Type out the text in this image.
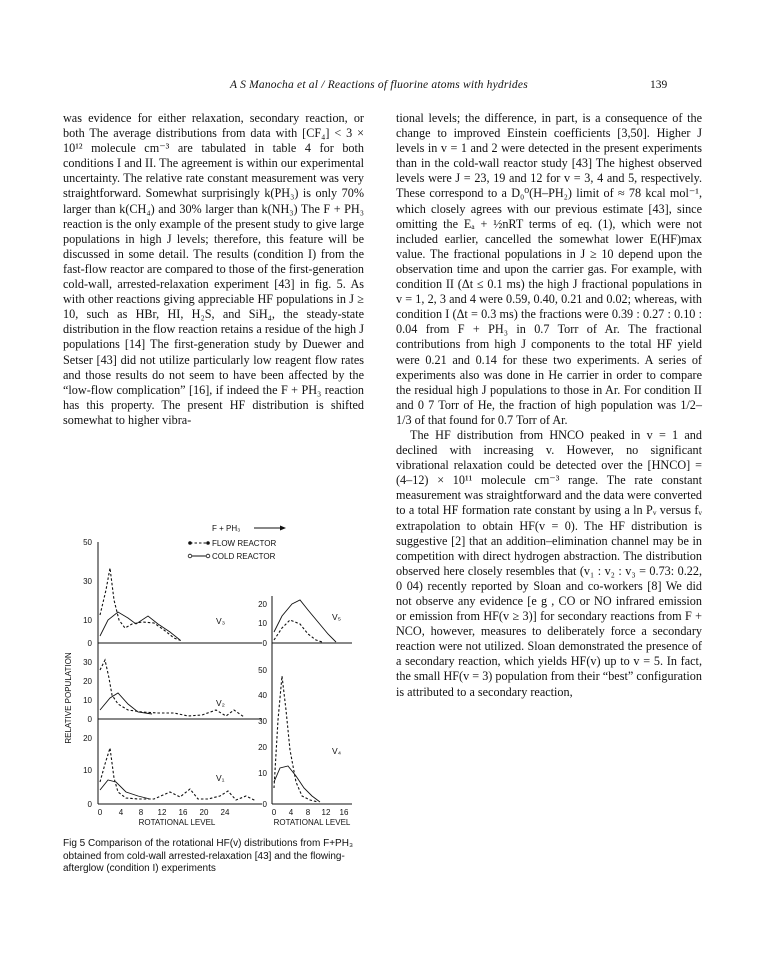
A S Manocha et al / Reactions of fluorine atoms with hydrides	139

was evidence for either relaxation, secondary reaction, or both The average distributions from data with [CF₄] < 3 × 10¹² molecule cm⁻³ are tabulated in table 4 for both conditions I and II. The agreement is within our experimental uncertainty. The relative rate constant measurement was very straightforward. Somewhat surprisingly k(PH₃) is only 70% larger than k(CH₄) and 30% larger than k(NH₃) The F + PH₃ reaction is the only example of the present study to give large populations in high J levels; therefore, this feature will be discussed in some detail. The results (condition I) from the fast-flow reactor are compared to those of the first-generation cold-wall, arrested-relaxation experiment [43] in fig. 5. As with other reactions giving appreciable HF populations in J ≥ 10, such as HBr, HI, H₂S, and SiH₄, the steady-state distribution in the flow reaction retains a residue of the high J populations [14] The first-generation study by Duewer and Setser [43] did not utilize particularly low reagent flow rates and those results do not seem to have been affected by the “low-flow complication” [16], if indeed the F + PH₃ reaction has this property. The present HF distribution is shifted somewhat to higher vibra-

F + PH₃
FLOW REACTOR
COLD REACTOR
RELATIVE POPULATION
50
30
10
0
30
20
10
0
20
10
0
0 4 8 12 16 20 24
ROTATIONAL LEVEL
V₃
V₂
V₁
20
10
0
50
40
30
20
10
0
0 4 8 12 16
ROTATIONAL LEVEL
V₅
V₄
Fig 5 Comparison of the rotational HF(v) distributions from F+PH₃ obtained from cold-wall arrested-relaxation [43] and the flowing-afterglow (condition I) experiments

tional levels; the difference, in part, is a consequence of the change to improved Einstein coefficients [3,50]. Higher J levels in v = 1 and 2 were detected in the present experiments than in the cold-wall reactor study [43] The highest observed levels were J = 23, 19 and 12 for v = 3, 4 and 5, respectively. These correspond to a D₀⁰(H–PH₂) limit of ≈ 78 kcal mol⁻¹, which closely agrees with our previous estimate [43], since omitting the Eₐ + ½nRT terms of eq. (1), which were not included earlier, cancelled the somewhat lower E(HF)max value. The fractional populations in J ≥ 10 depend upon the observation time and upon the carrier gas. For example, with condition II (Δt ≤ 0.1 ms) the high J fractional populations in v = 1, 2, 3 and 4 were 0.59, 0.40, 0.21 and 0.02; whereas, with condition I (Δt = 0.3 ms) the fractions were 0.39 : 0.27 : 0.10 : 0.04 from F + PH₃ in 0.7 Torr of Ar. The fractional contributions from high J components to the total HF yield were 0.21 and 0.14 for these two experiments. A series of experiments also was done in He carrier in order to compare the residual high J populations to those in Ar. For condition II and 0 7 Torr of He, the fraction of high population was 1/2–1/3 of that found for 0.7 Torr of Ar.

The HF distribution from HNCO peaked in v = 1 and declined with increasing v. However, no significant vibrational relaxation could be detected over the [HNCO] = (4–12) × 10¹¹ molecule cm⁻³ range. The rate constant measurement was straightforward and the data were converted to a total HF formation rate constant by using a ln Pᵥ versus fᵥ extrapolation to obtain HF(v = 0). The HF distribution is suggestive [2] that an addition–elimination channel may be in competition with direct hydrogen abstraction. The distribution observed here closely resembles that (v₁ : v₂ : v₃ = 0.73: 0.22, 0 04) recently reported by Sloan and co-workers [8] We did not observe any evidence [e g , CO or NO infrared emission or emission from HF(v ≥ 3)] for secondary reactions from F + NCO, however, measures to deliberately force a secondary reaction were not utilized. Sloan demonstrated the presence of a secondary reaction, which yields HF(v) up to v = 5. In fact, the small HF(v = 3) population from their “best” configuration is attributed to a secondary reaction,
